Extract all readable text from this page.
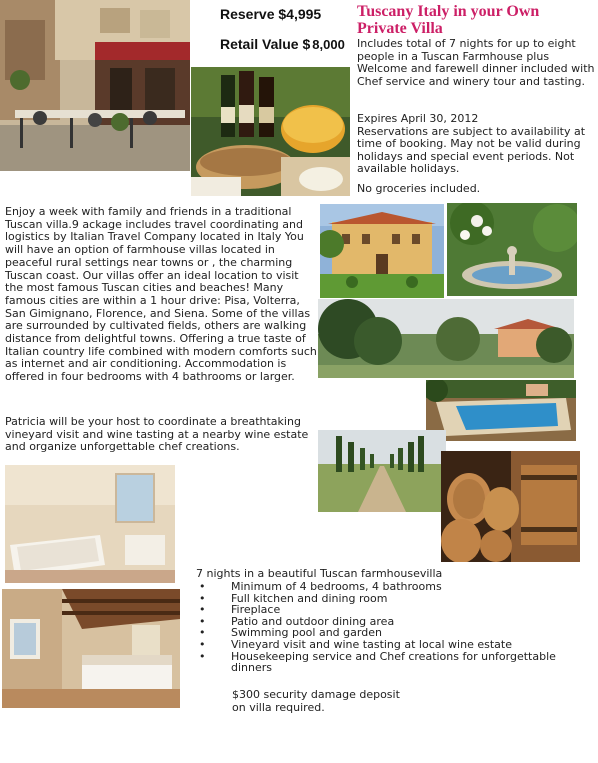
Reserve $4,995
Retail Value $ 8,000
Tuscany Italy in your Own Private Villa
Includes total of 7 nights for up to eight people in a Tuscan Farmhouse plus Welcome and farewell dinner included with Chef service and winery tour and tasting.
Expires April 30, 2012
Reservations are subject to availability at time of booking. May not be valid during holidays and special event periods. Not available holidays.
No groceries included.
Enjoy a week with family and friends in a traditional Tuscan villa.9 ackage includes travel coordinating and logistics by Italian Travel Company located in Italy You will have an option of farmhouse villas located in peaceful rural settings near towns or , the charming Tuscan coast. Our villas offer an ideal location to visit the most famous Tuscan cities and beaches! Many famous cities are within a 1 hour drive: Pisa, Volterra, San Gimignano, Florence, and Siena. Some of the villas are surrounded by cultivated fields, others are walking distance from delightful towns. Offering a true taste of Italian country life combined with modern comforts such as internet and air conditioning. Accommodation is offered in four bedrooms with 4 bathrooms or larger.
Patricia will be your host to coordinate a breathtaking vineyard visit and wine tasting at a nearby wine estate and organize unforgettable chef creations.
7 nights in a beautiful Tuscan farmhousevilla
• Minimum of 4 bedrooms, 4 bathrooms
• Full kitchen and dining room
• Fireplace
• Patio and outdoor dining area
• Swimming pool and garden
• Vineyard visit and wine tasting at local wine estate
• Housekeeping service and Chef creations for unforgettable dinners
$300 security damage deposit on villa required.
